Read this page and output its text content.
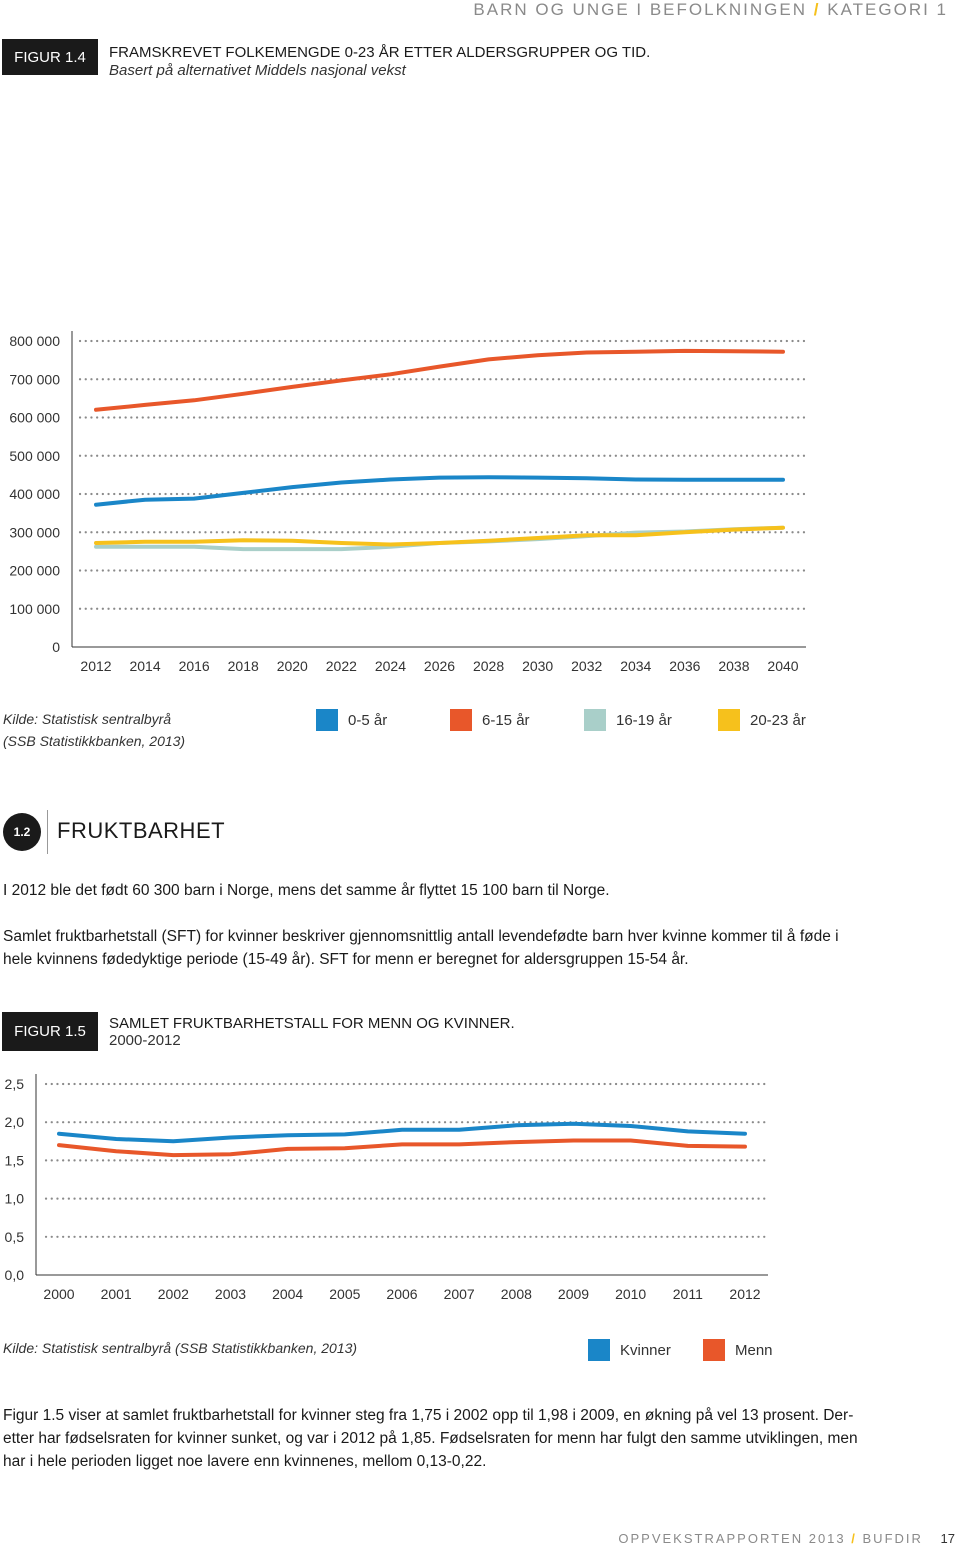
BARN OG UNGE I BEFOLKNINGEN / KATEGORI 1
FIGUR 1.4	FRAMSKREVET FOLKEMENGDE 0-23 ÅR ETTER ALDERSGRUPPER OG TID.
Basert på alternativet Middels nasjonal vekst
0
100 000
200 000
300 000
400 000
500 000
600 000
700 000
800 000
2012 2014 2016 2018 2020 2022 2024 2026 2028 2030 2032 2034 2036 2038 2040
Kilde: Statistisk sentralbyrå
(SSB Statistikkbanken, 2013)
0-5 år	6-15 år	16-19 år	20-23 år
1.2	FRUKTBARHET
I 2012 ble det født 60 300 barn i Norge, mens det samme år flyttet 15 100 barn til Norge.
Samlet fruktbarhetstall (SFT) for kvinner beskriver gjennomsnittlig antall levendefødte barn hver kvinne kommer til å føde i
hele kvinnens fødedyktige periode (15-49 år). SFT for menn er beregnet for aldersgruppen 15-54 år.
FIGUR 1.5	SAMLET FRUKTBARHETSTALL FOR MENN OG KVINNER.
2000-2012
0,0
0,5
1,0
1,5
2,0
2,5
2000 2001 2002 2003 2004 2005 2006 2007 2008 2009 2010 2011 2012
Kilde: Statistisk sentralbyrå (SSB Statistikkbanken, 2013)	Kvinner	Menn
Figur 1.5 viser at samlet fruktbarhetstall for kvinner steg fra 1,75 i 2002 opp til 1,98 i 2009, en økning på vel 13 prosent. Der-
etter har fødselsraten for kvinner sunket, og var i 2012 på 1,85. Fødselsraten for menn har fulgt den samme utviklingen, men
har i hele perioden ligget noe lavere enn kvinnenes, mellom 0,13-0,22.
OPPVEKSTRAPPORTEN 2013 / BUFDIR 17
